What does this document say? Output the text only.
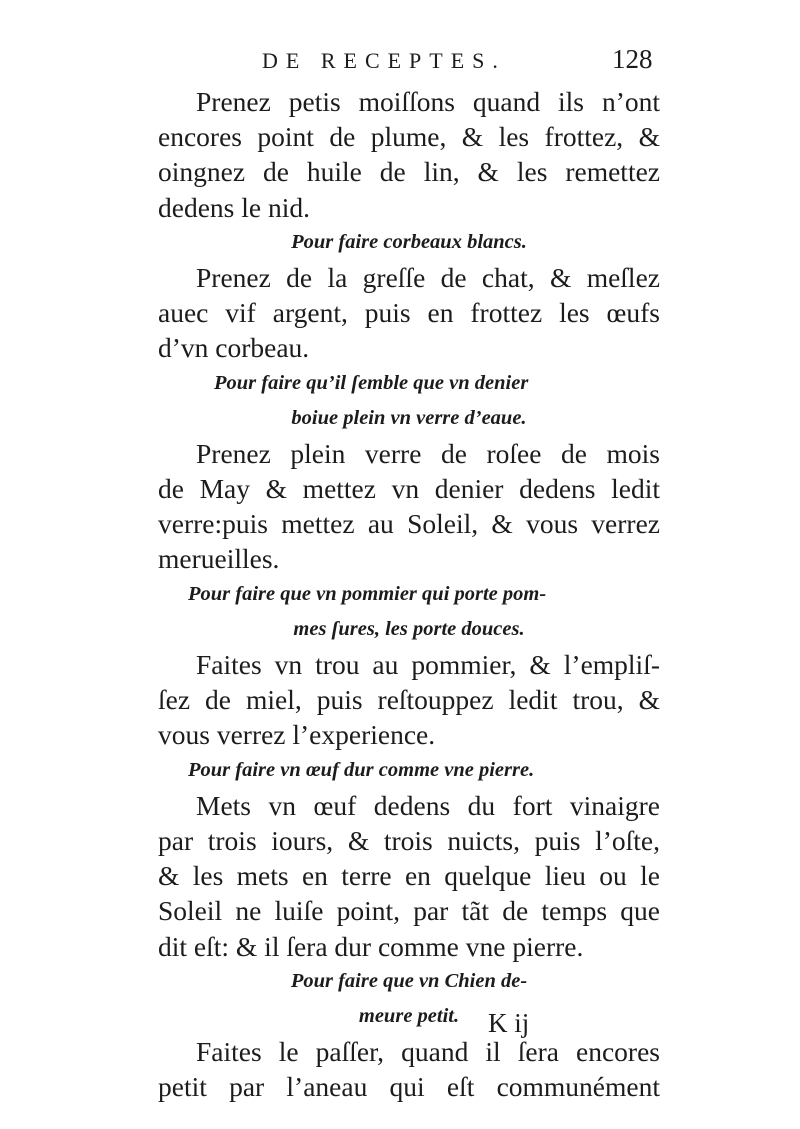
DE RECEPTES.	128
Prenez petis moiſſons quand ils n’ont
encores point de plume, & les frottez, &
oingnez de huile de lin, & les remettez
dedens le nid.
Pour faire corbeaux blancs.
Prenez de la greſſe de chat, & meſlez
auec vif argent, puis en frottez les œufs
d’vn corbeau.
Pour faire qu’il ſemble que vn denier
boiue plein vn verre d’eaue.
Prenez plein verre de roſee de mois
de May & mettez vn denier dedens ledit
verre:puis mettez au Soleil, & vous verrez
merueilles.
Pour faire que vn pommier qui porte pom-
mes ſures, les porte douces.
Faites vn trou au pommier, & l’empliſ-
ſez de miel, puis reſtouppez ledit trou, &
vous verrez l’experience.
Pour faire vn œuf dur comme vne pierre.
Mets vn œuf dedens du fort vinaigre
par trois iours, & trois nuicts, puis l’oſte,
& les mets en terre en quelque lieu ou le
Soleil ne luiſe point, par tãt de temps que
dit eſt: & il ſera dur comme vne pierre.
Pour faire que vn Chien de-
meure petit.
Faites le paſſer, quand il ſera encores
petit par l’aneau qui eſt communément
K ij
